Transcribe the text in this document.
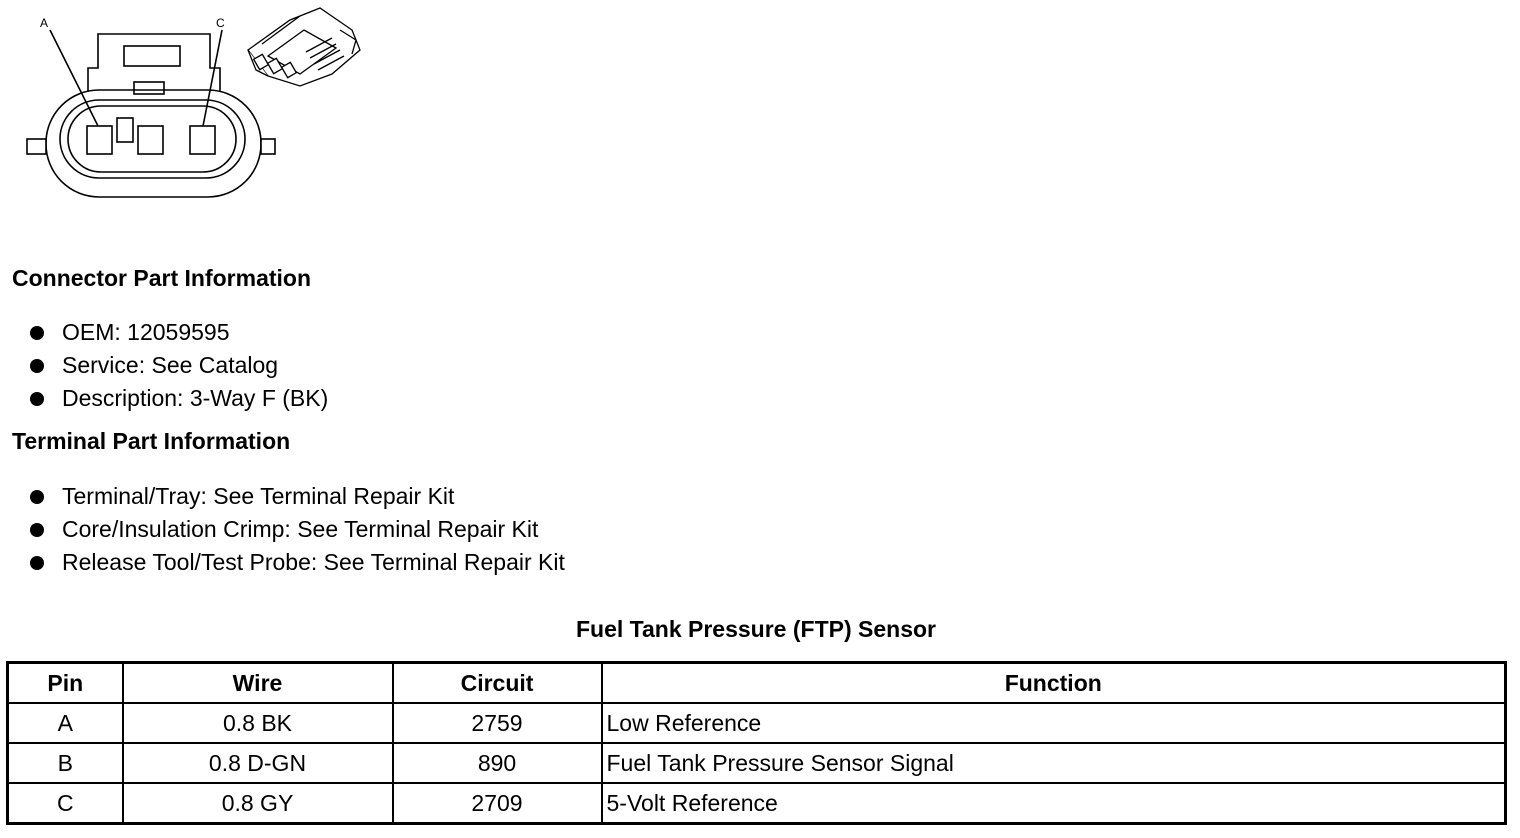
A	C
Connector Part Information
OEM: 12059595
Service: See Catalog
Description: 3-Way F (BK)
Terminal Part Information
Terminal/Tray: See Terminal Repair Kit
Core/Insulation Crimp: See Terminal Repair Kit
Release Tool/Test Probe: See Terminal Repair Kit
Fuel Tank Pressure (FTP) Sensor
Pin	Wire	Circuit	Function
A	0.8 BK	2759	Low Reference
B	0.8 D-GN	890	Fuel Tank Pressure Sensor Signal
C	0.8 GY	2709	5-Volt Reference
